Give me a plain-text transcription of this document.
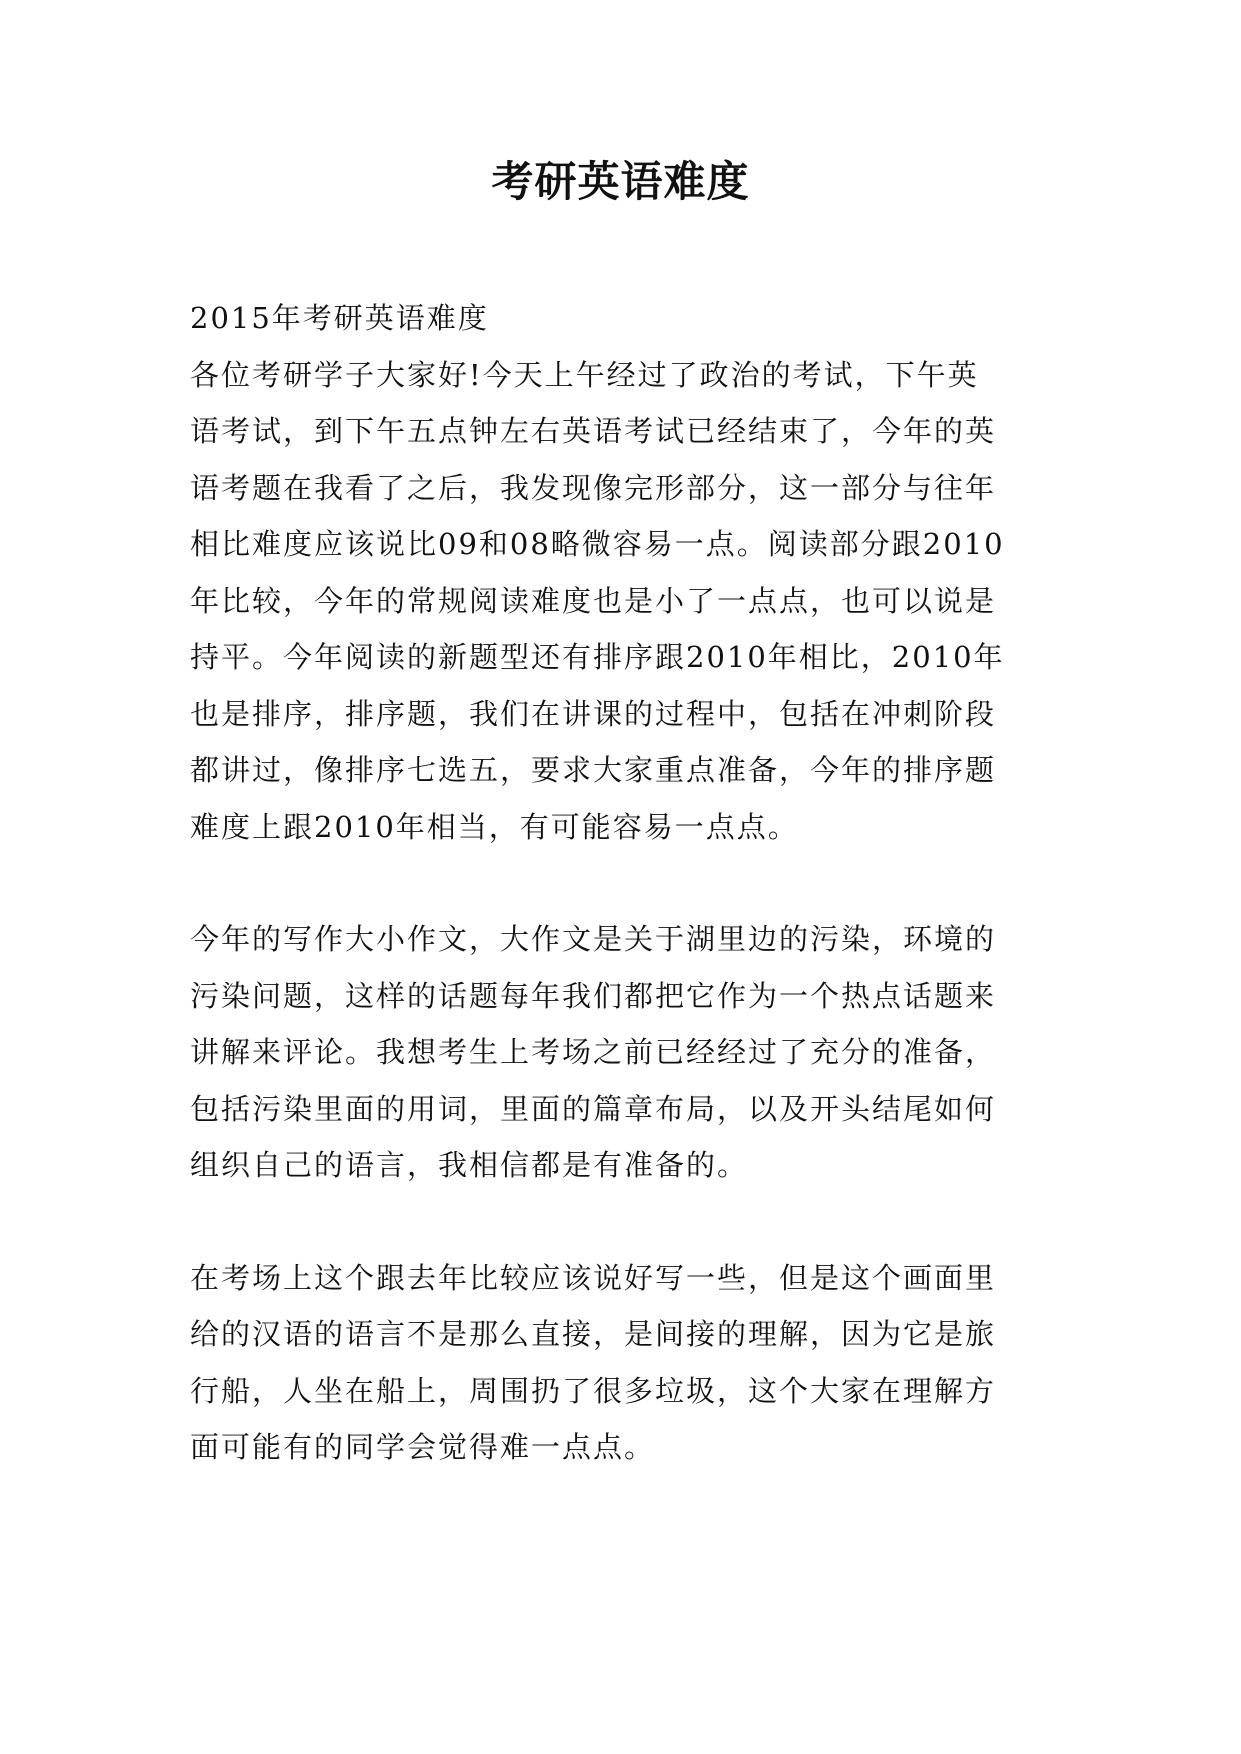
考研英语难度

2015年考研英语难度

各位考研学子大家好!今天上午经过了政治的考试，下午英
语考试，到下午五点钟左右英语考试已经结束了，今年的英
语考题在我看了之后，我发现像完形部分，这一部分与往年
相比难度应该说比09和08略微容易一点。阅读部分跟2010
年比较，今年的常规阅读难度也是小了一点点，也可以说是
持平。今年阅读的新题型还有排序跟2010年相比，2010年
也是排序，排序题，我们在讲课的过程中，包括在冲刺阶段
都讲过，像排序七选五，要求大家重点准备，今年的排序题
难度上跟2010年相当，有可能容易一点点。

今年的写作大小作文，大作文是关于湖里边的污染，环境的
污染问题，这样的话题每年我们都把它作为一个热点话题来
讲解来评论。我想考生上考场之前已经经过了充分的准备，
包括污染里面的用词，里面的篇章布局，以及开头结尾如何
组织自己的语言，我相信都是有准备的。

在考场上这个跟去年比较应该说好写一些，但是这个画面里
给的汉语的语言不是那么直接，是间接的理解，因为它是旅
行船，人坐在船上，周围扔了很多垃圾，这个大家在理解方
面可能有的同学会觉得难一点点。
